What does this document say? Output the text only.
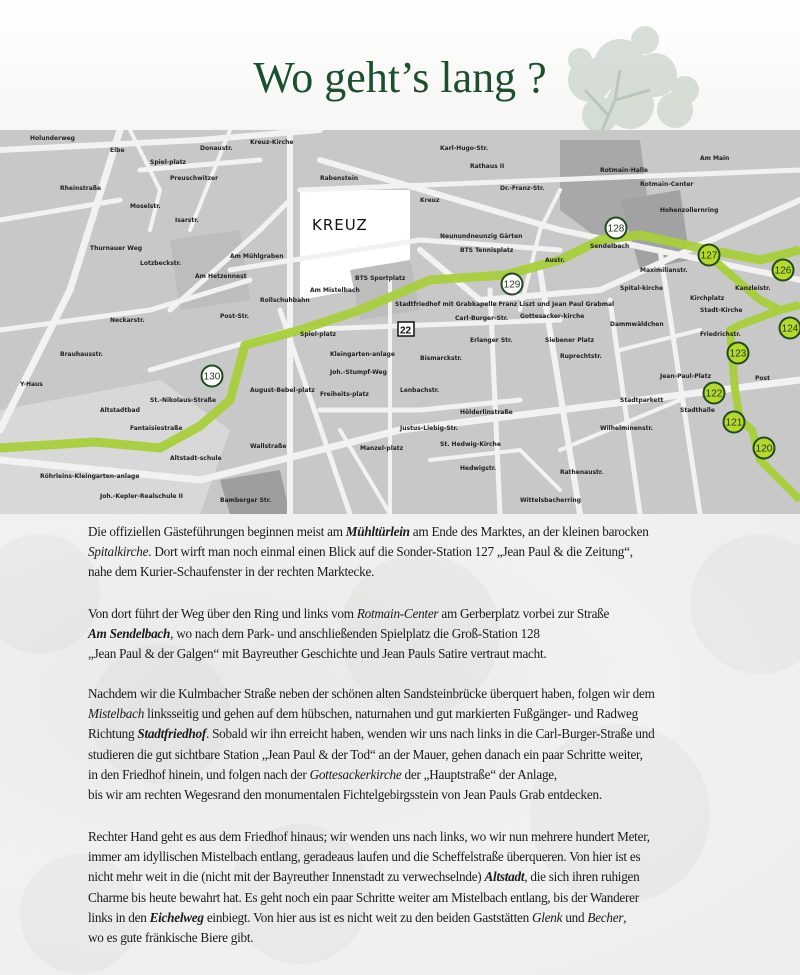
Wo geht’s lang ?
Holunderweg
Elbe
Spiel-platz
Donaustr.
Kreuz-Kirche
Preuschwitzer
Rheinstraße
Moselstr.
Isarstr.
Thurnauer Weg
Lotzbeckstr.
Am Hetzennest
Am Mühlgraben
Rabenstein
Kreuz
Karl-Hugo-Str.
Rathaus II
Dr.-Franz-Str.
Neunundneunzig Gärten
BTS Tennisplatz
BTS Sportplatz
Rollschuhbahn
Post-Str.
Spiel-platz
Am Mistelbach
Stadtfriedhof mit Grabkapelle Franz Liszt und Jean Paul Grabmal
Gottesacker-kirche
Austr.
Carl-Burger-Str.
Rotmain-Halle
Rotmain-Center
Sendelbach
Hohenzollernring
Am Main
Maximilianstr.
Spital-kirche
Kirchplatz
Stadt-Kirche
Kanzleistr.
Post
Friedrichstr.
Jean-Paul-Platz
Stadthalle
Wilhelminenstr.
Erlanger Str.
Kleingarten-anlage
Joh.-Stumpf-Weg
Bismarckstr.
Siebener Platz
Ruprechtstr.
Dammwäldchen
Stadtparkett
August-Bebel-platz
Freiheits-platz
Lenbachstr.
Justus-Liebig-Str.
Hedwigstr.
St. Hedwig-Kirche
Manzel-platz
Hölderlinstraße
Neckarstr.
Brauhausstr.
Y-Haus
Altstadtbad
Fantaisiestraße
St.-Nikolaus-Straße
Altstadt-schule
Wallstraße
Bamberger Str.
Röhrleins-Kleingarten-anlage
Joh.-Kepler-Realschule II
Rathenaustr.
Wittelsbacherring
KREUZ
22
130
129
128
127
126
124
123
122
121
120
Die offiziellen Gästeführungen beginnen meist am Mühltürlein am Ende des Marktes, an der kleinen barocken
Spitalkirche. Dort wirft man noch einmal einen Blick auf die Sonder-Station 127 „Jean Paul & die Zeitung“,
nahe dem Kurier-Schaufenster in der rechten Marktecke.
Von dort führt der Weg über den Ring und links vom Rotmain-Center am Gerberplatz vorbei zur Straße
Am Sendelbach, wo nach dem Park- und anschließenden Spielplatz die Groß-Station 128
„Jean Paul & der Galgen“ mit Bayreuther Geschichte und Jean Pauls Satire vertraut macht.
Nachdem wir die Kulmbacher Straße neben der schönen alten Sandsteinbrücke überquert haben, folgen wir dem
Mistelbach linksseitig und gehen auf dem hübschen, naturnahen und gut markierten Fußgänger- und Radweg
Richtung Stadtfriedhof. Sobald wir ihn erreicht haben, wenden wir uns nach links in die Carl-Burger-Straße und
studieren die gut sichtbare Station „Jean Paul & der Tod“ an der Mauer, gehen danach ein paar Schritte weiter,
in den Friedhof hinein, und folgen nach der Gottesackerkirche der „Hauptstraße“ der Anlage,
bis wir am rechten Wegesrand den monumentalen Fichtelgebirgsstein von Jean Pauls Grab entdecken.
Rechter Hand geht es aus dem Friedhof hinaus; wir wenden uns nach links, wo wir nun mehrere hundert Meter,
immer am idyllischen Mistelbach entlang, geradeaus laufen und die Scheffelstraße überqueren. Von hier ist es
nicht mehr weit in die (nicht mit der Bayreuther Innenstadt zu verwechselnde) Altstadt, die sich ihren ruhigen
Charme bis heute bewahrt hat. Es geht noch ein paar Schritte weiter am Mistelbach entlang, bis der Wanderer
links in den Eichelweg einbiegt. Von hier aus ist es nicht weit zu den beiden Gaststätten Glenk und Becher,
wo es gute fränkische Biere gibt.
